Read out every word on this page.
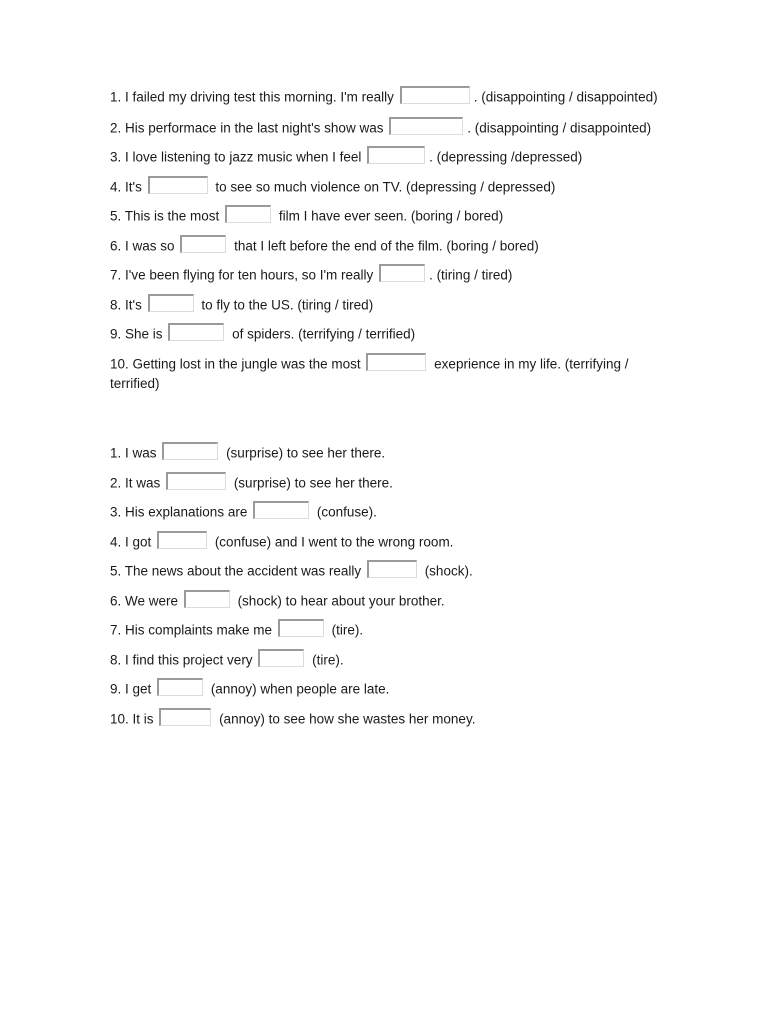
1. I failed my driving test this morning. I'm really	. (disappointing / disappointed)

2. His performace in the last night's show was	. (disappointing / disappointed)

3. I love listening to jazz music when I feel	. (depressing /depressed)

4. It's	to see so much violence on TV. (depressing / depressed)

5. This is the most	film I have ever seen. (boring / bored)

6. I was so	that I left before the end of the film. (boring / bored)

7. I've been flying for ten hours, so I'm really	. (tiring / tired)

8. It's	to fly to the US. (tiring / tired)

9. She is	of spiders. (terrifying / terrified)

10. Getting lost in the jungle was the most	exeprience in my life. (terrifying / terrified)

1. I was	(surprise) to see her there.

2. It was	(surprise) to see her there.

3. His explanations are	(confuse).

4. I got	(confuse) and I went to the wrong room.

5. The news about the accident was really	(shock).

6. We were	(shock) to hear about your brother.

7. His complaints make me	(tire).

8. I find this project very	(tire).

9. I get	(annoy) when people are late.

10. It is	(annoy) to see how she wastes her money.
